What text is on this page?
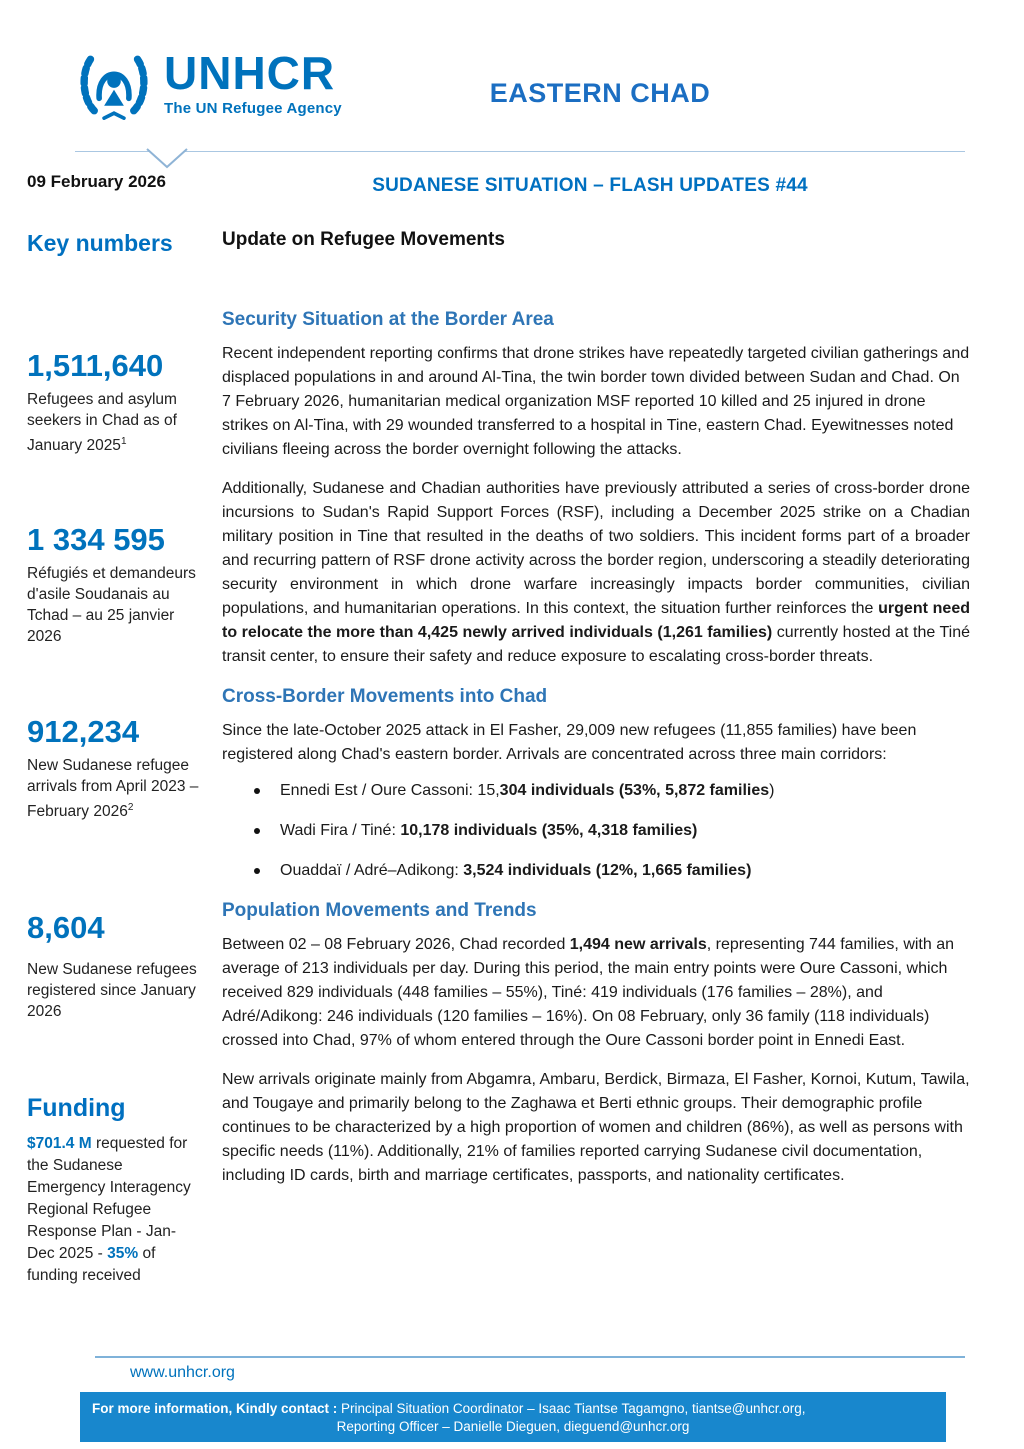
UNHCR
The UN Refugee Agency
EASTERN CHAD
09 February 2026	SUDANESE SITUATION – FLASH UPDATES #44
Key numbers
1,511,640
Refugees and asylum seekers in Chad as of January 2025$^1$
1 334 595
Réfugiés et demandeurs d'asile Soudanais au Tchad – au 25 janvier 2026
912,234
New Sudanese refugee arrivals from April 2023 – February 2026$^2$
8,604
New Sudanese refugees registered since January 2026
Funding
$701.4 M requested for the Sudanese Emergency Interagency Regional Refugee Response Plan - Jan- Dec 2025 - 35% of funding received
Update on Refugee Movements
Security Situation at the Border Area

Recent independent reporting confirms that drone strikes have repeatedly targeted civilian gatherings and displaced populations in and around Al-Tina, the twin border town divided between Sudan and Chad. On 7 February 2026, humanitarian medical organization MSF reported 10 killed and 25 injured in drone strikes on Al-Tina, with 29 wounded transferred to a hospital in Tine, eastern Chad. Eyewitnesses noted civilians fleeing across the border overnight following the attacks.

Additionally, Sudanese and Chadian authorities have previously attributed a series of cross-border drone incursions to Sudan's Rapid Support Forces (RSF), including a December 2025 strike on a Chadian military position in Tine that resulted in the deaths of two soldiers. This incident forms part of a broader and recurring pattern of RSF drone activity across the border region, underscoring a steadily deteriorating security environment in which drone warfare increasingly impacts border communities, civilian populations, and humanitarian operations. In this context, the situation further reinforces the urgent need to relocate the more than 4,425 newly arrived individuals (1,261 families) currently hosted at the Tiné transit center, to ensure their safety and reduce exposure to escalating cross-border threats.

Cross-Border Movements into Chad

Since the late-October 2025 attack in El Fasher, 29,009 new refugees (11,855 families) have been registered along Chad's eastern border. Arrivals are concentrated across three main corridors:

Ennedi Est / Oure Cassoni: 15,304 individuals (53%, 5,872 families)
Wadi Fira / Tiné: 10,178 individuals (35%, 4,318 families)
Ouaddaï / Adré–Adikong: 3,524 individuals (12%, 1,665 families)
Population Movements and Trends

Between 02 – 08 February 2026, Chad recorded 1,494 new arrivals, representing 744 families, with an average of 213 individuals per day. During this period, the main entry points were Oure Cassoni, which received 829 individuals (448 families – 55%), Tiné: 419 individuals (176 families – 28%), and Adré/Adikong: 246 individuals (120 families – 16%). On 08 February, only 36 family (118 individuals) crossed into Chad, 97% of whom entered through the Oure Cassoni border point in Ennedi East.

New arrivals originate mainly from Abgamra, Ambaru, Berdick, Birmaza, El Fasher, Kornoi, Kutum, Tawila, and Tougaye and primarily belong to the Zaghawa et Berti ethnic groups. Their demographic profile continues to be characterized by a high proportion of women and children (86%), as well as persons with specific needs (11%). Additionally, 21% of families reported carrying Sudanese civil documentation, including ID cards, birth and marriage certificates, passports, and nationality certificates.

www.unhcr.org
For more information, Kindly contact : Principal Situation Coordinator – Isaac Tiantse Tagamgno, tiantse@unhcr.org,
Reporting Officer – Danielle Dieguen, dieguend@unhcr.org
